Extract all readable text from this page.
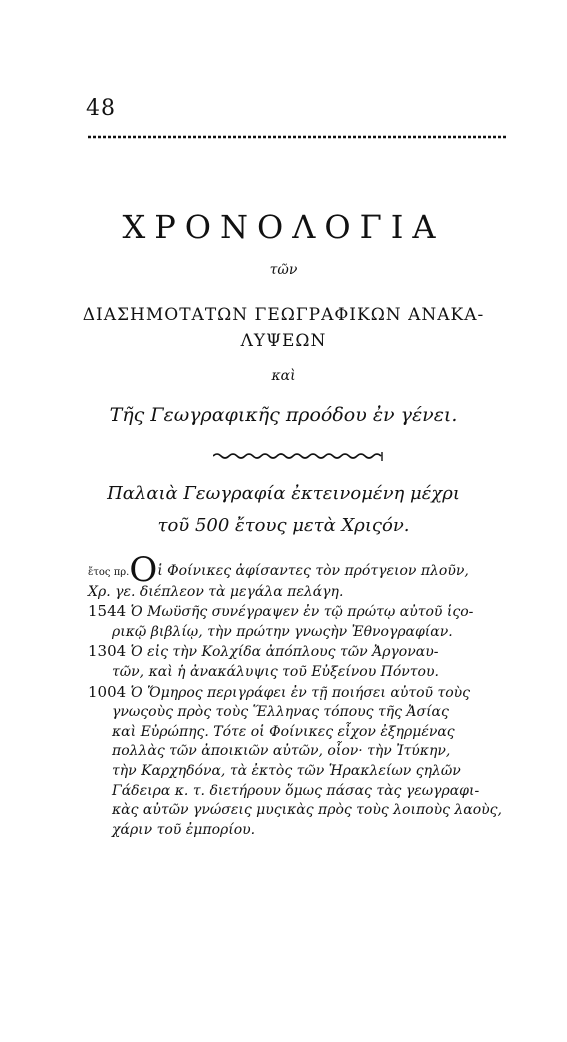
48
ΧΡΟΝΟΛΟΓΙΑ
τῶν
ΔΙΑΣΗΜΟΤΑΤΩΝ ΓΕΩΓΡΑΦΙΚΩΝ ΑΝΑΚΑ-
ΛΥΨΕΩΝ
καὶ
Τῆς Γεωγραφικῆς προόδου ἐν γένει.
Παλαιὰ Γεωγραφία ἐκτεινομένη μέχρι
τοῦ 500 ἔτους μετὰ Χριςόν.
ἔτος πρ.Οἱ Φοίνικες ἀφίσαντες τὸν πρότγειον πλοῦν,
Χρ. γε. διέπλεον τὰ μεγάλα πελάγη.
1544 Ὁ Μωϋσῆς συνέγραψεν ἐν τῷ πρώτῳ αὐτοῦ ἱςο-
ρικῷ βιβλίῳ, τὴν πρώτην γνωςὴν Ἐθνογραφίαν.
1304 Ὁ εἰς τὴν Κολχίδα ἀπόπλους τῶν Ἀργοναυ-
τῶν, καὶ ἡ ἀνακάλυψις τοῦ Εὐξείνου Πόντου.
1004 Ὁ Ὅμηρος περιγράφει ἐν τῇ ποιήσει αὐτοῦ τοὺς
γνωςοὺς πρὸς τοὺς Ἕλληνας τόπους τῆς Ἀσίας
καὶ Εὐρώπης. Τότε οἱ Φοίνικες εἶχον ἐξηρμένας
πολλὰς τῶν ἀποικιῶν αὐτῶν, οἷον· τὴν Ἰτύκην,
τὴν Καρχηδόνα, τὰ ἐκτὸς τῶν Ἡρακλείων ςηλῶν
Γάδειρα κ. τ. διετήρουν ὅμως πάσας τὰς γεωγραφι-
κὰς αὐτῶν γνώσεις μυςικὰς πρὸς τοὺς λοιποὺς λαοὺς,
χάριν τοῦ ἐμπορίου.
